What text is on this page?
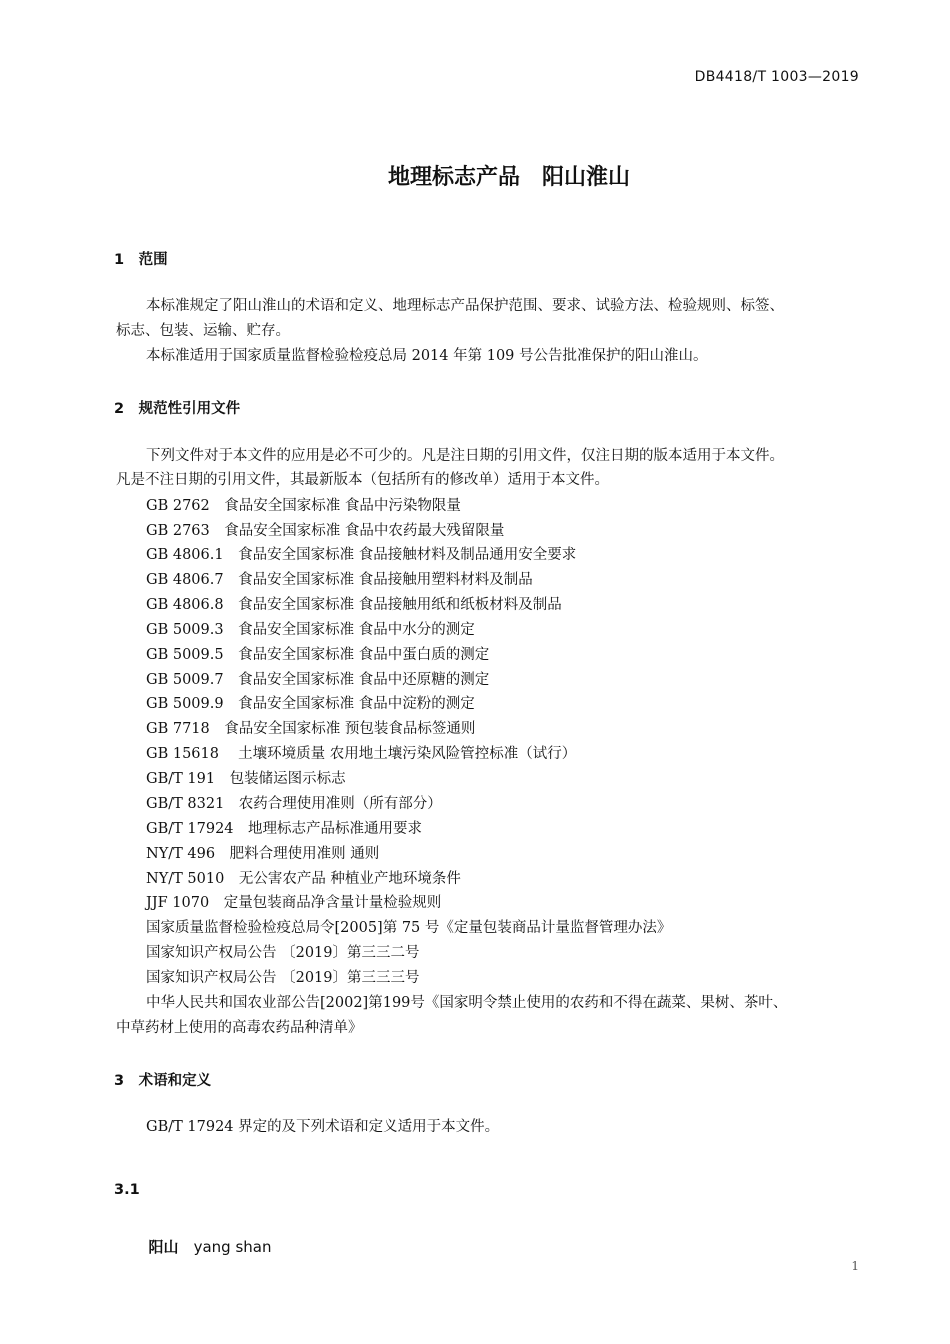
DB4418/T 1003—2019
地理标志产品　阳山淮山
1　范围
本标准规定了阳山淮山的术语和定义、地理标志产品保护范围、要求、试验方法、检验规则、标签、
标志、包装、运输、贮存。
本标准适用于国家质量监督检验检疫总局 2014 年第 109 号公告批准保护的阳山淮山。
2　规范性引用文件
下列文件对于本文件的应用是必不可少的。凡是注日期的引用文件，仅注日期的版本适用于本文件。
凡是不注日期的引用文件，其最新版本（包括所有的修改单）适用于本文件。
GB 2762　食品安全国家标准 食品中污染物限量
GB 2763　食品安全国家标准 食品中农药最大残留限量
GB 4806.1　食品安全国家标准 食品接触材料及制品通用安全要求
GB 4806.7　食品安全国家标准 食品接触用塑料材料及制品
GB 4806.8　食品安全国家标准 食品接触用纸和纸板材料及制品
GB 5009.3　食品安全国家标准 食品中水分的测定
GB 5009.5　食品安全国家标准 食品中蛋白质的测定
GB 5009.7　食品安全国家标准 食品中还原糖的测定
GB 5009.9　食品安全国家标准 食品中淀粉的测定
GB 7718　食品安全国家标准 预包装食品标签通则
GB 15618　 土壤环境质量 农用地土壤污染风险管控标准（试行）
GB/T 191　包装储运图示标志
GB/T 8321　农药合理使用准则（所有部分）
GB/T 17924　地理标志产品标准通用要求
NY/T 496　肥料合理使用准则 通则
NY/T 5010　无公害农产品 种植业产地环境条件
JJF 1070　定量包装商品净含量计量检验规则
国家质量监督检验检疫总局令[2005]第 75 号《定量包装商品计量监督管理办法》
国家知识产权局公告 〔2019〕第三三二号
国家知识产权局公告 〔2019〕第三三三号
中华人民共和国农业部公告[2002]第199号《国家明令禁止使用的农药和不得在蔬菜、果树、茶叶、
中草药材上使用的高毒农药品种清单》
3　术语和定义
GB/T 17924 界定的及下列术语和定义适用于本文件。
3.1

阳山　 yang shan

1
